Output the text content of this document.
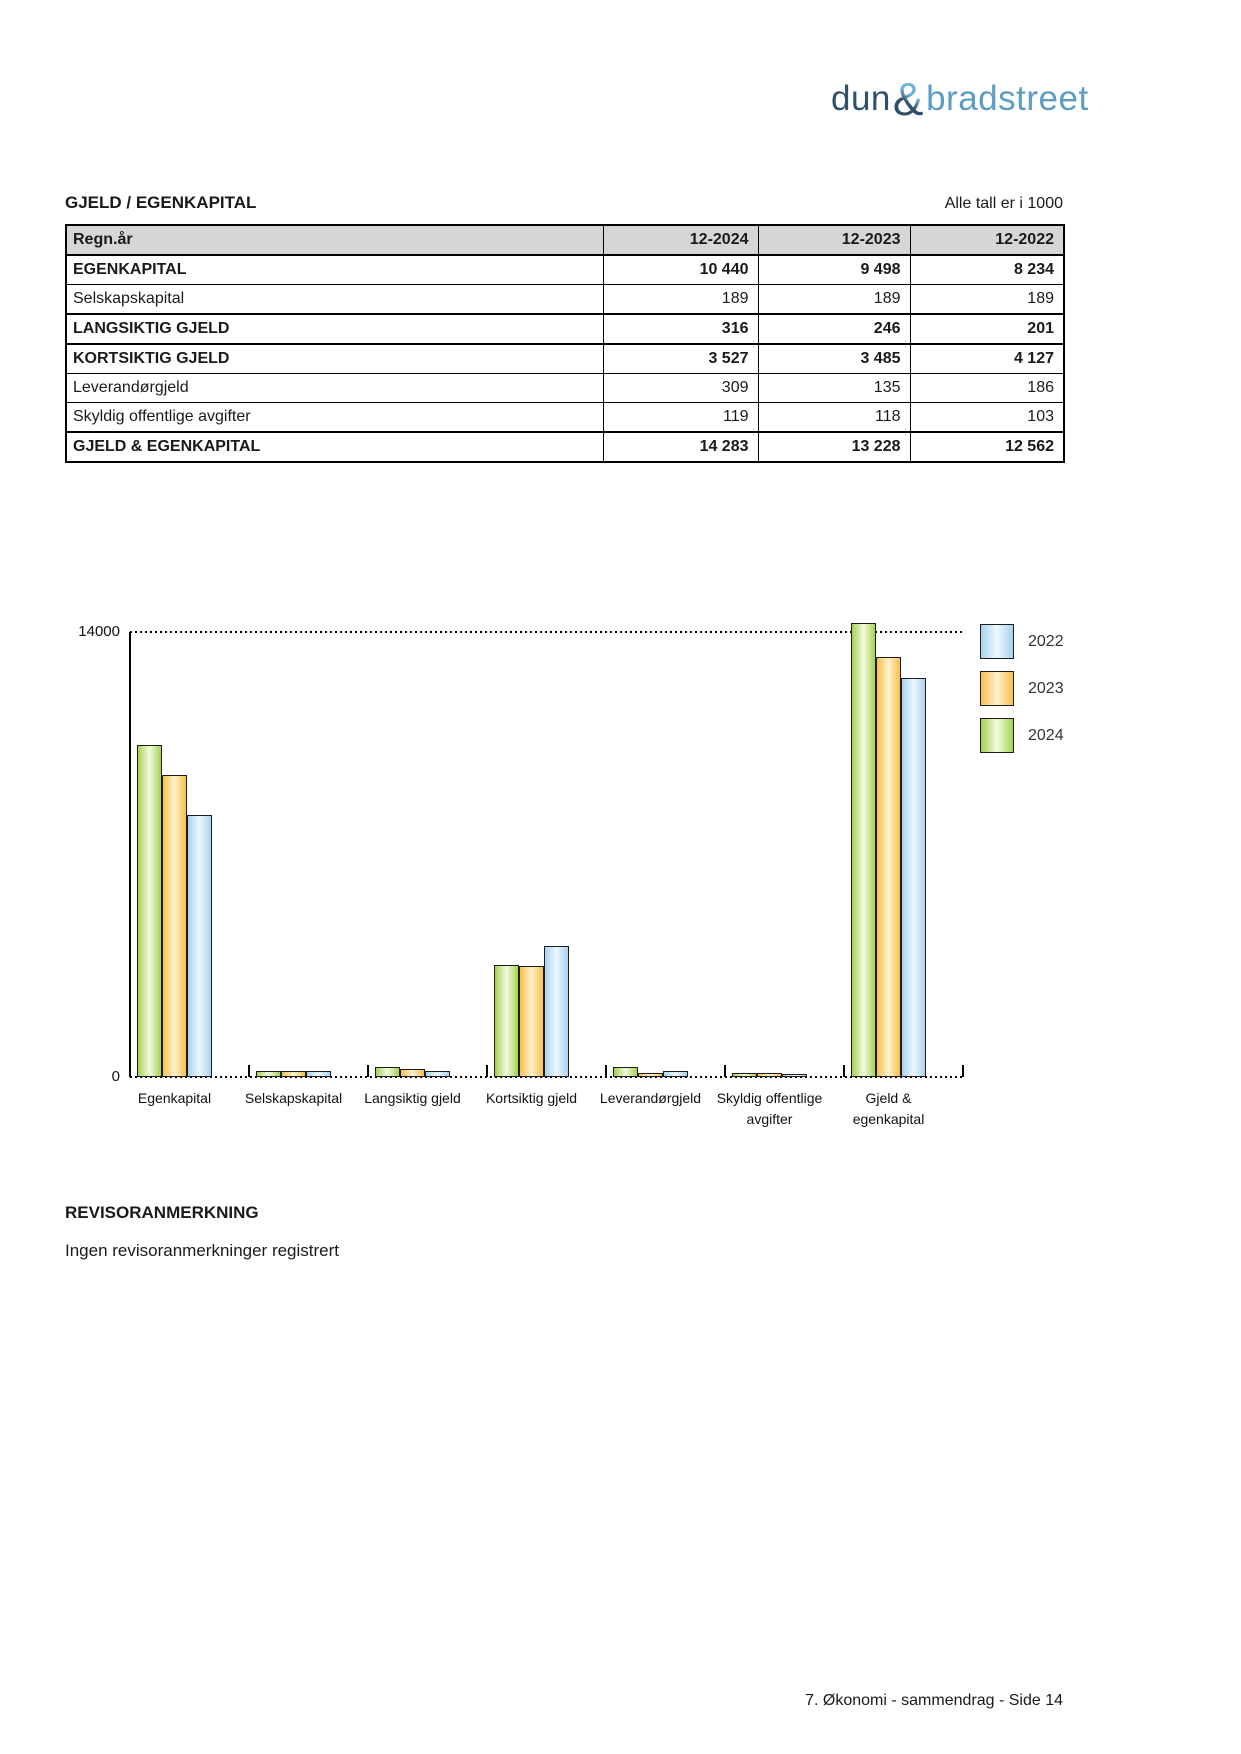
dun&bradstreet
GJELD / EGENKAPITAL	Alle tall er i 1000
Regn.år	12-2024	12-2023	12-2022
EGENKAPITAL	10 440	9 498	8 234
Selskapskapital	189	189	189
LANGSIKTIG GJELD	316	246	201
KORTSIKTIG GJELD	3 527	3 485	4 127
Leverandørgjeld	309	135	186
Skyldig offentlige avgifter	119	118	103
GJELD & EGENKAPITAL	14 283	13 228	12 562
0
14000
Egenkapital	Selskapskapital	Langsiktig gjeld	Kortsiktig gjeld	Leverandørgjeld	Skyldig offentlige avgifter
Gjeld & egenkapital
2022
2023
2024
REVISORANMERKNING
Ingen revisoranmerkninger registrert
7. Økonomi - sammendrag - Side 14
